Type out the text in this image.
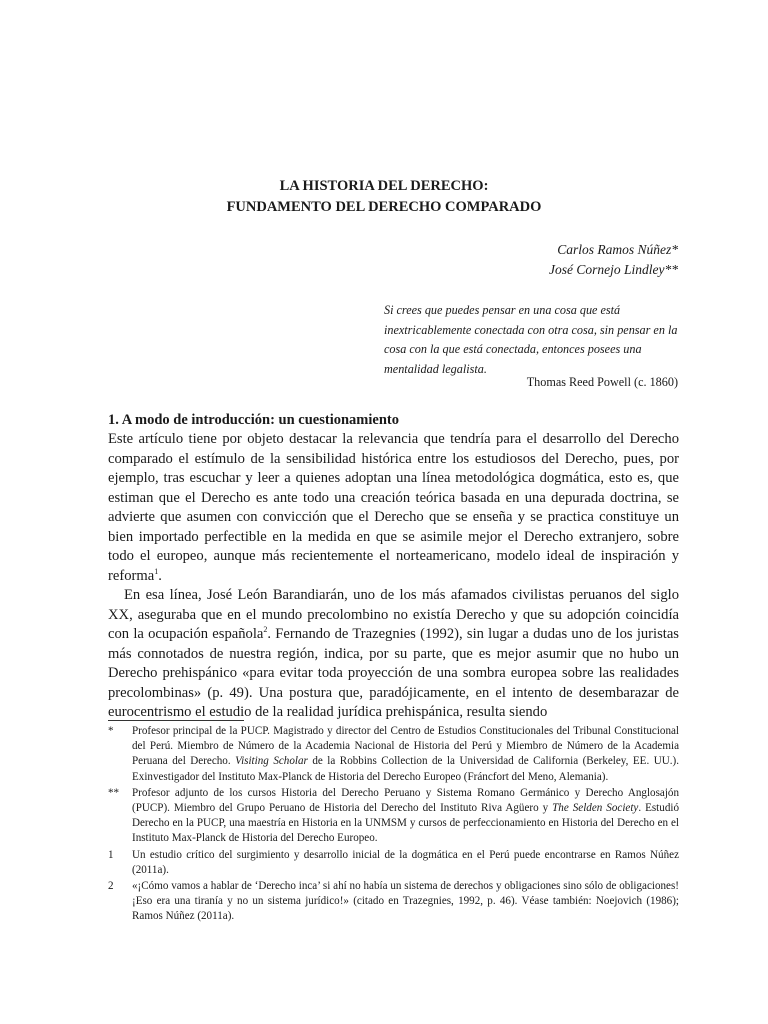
LA HISTORIA DEL DERECHO:
FUNDAMENTO DEL DERECHO COMPARADO
Carlos Ramos Núñez*
José Cornejo Lindley**
Si crees que puedes pensar en una cosa que está inextricablemente conectada con otra cosa, sin pensar en la cosa con la que está conectada, entonces posees una mentalidad legalista.
Thomas Reed Powell (c. 1860)
1. A modo de introducción: un cuestionamiento

Este artículo tiene por objeto destacar la relevancia que tendría para el desarrollo del Derecho comparado el estímulo de la sensibilidad histórica entre los estudiosos del Derecho, pues, por ejemplo, tras escuchar y leer a quienes adoptan una línea metodológica dogmática, esto es, que estiman que el Derecho es ante todo una creación teórica basada en una depurada doctrina, se advierte que asumen con convicción que el Derecho que se enseña y se practica constituye un bien importado perfectible en la medida en que se asimile mejor el Derecho extranjero, sobre todo el europeo, aunque más recientemente el norteamericano, modelo ideal de inspiración y reforma$^1$.

En esa línea, José León Barandiarán, uno de los más afamados civilistas peruanos del siglo XX, aseguraba que en el mundo precolombino no existía Derecho y que su adopción coincidía con la ocupación española$^2$. Fernando de Trazegnies (1992), sin lugar a dudas uno de los juristas más connotados de nuestra región, indica, por su parte, que es mejor asumir que no hubo un Derecho prehispánico «para evitar toda proyección de una sombra europea sobre las realidades precolombinas» (p. 49). Una postura que, paradójicamente, en el intento de desembarazar de eurocentrismo el estudio de la realidad jurídica prehispánica, resulta siendo

*	Profesor principal de la PUCP. Magistrado y director del Centro de Estudios Constitucionales del Tribunal Constitucional del Perú. Miembro de Número de la Academia Nacional de Historia del Perú y Miembro de Número de la Academia Peruana del Derecho. Visiting Scholar de la Robbins Collection de la Universidad de California (Berkeley, EE. UU.). Exinvestigador del Instituto Max-Planck de Historia del Derecho Europeo (Fráncfort del Meno, Alemania).
**	Profesor adjunto de los cursos Historia del Derecho Peruano y Sistema Romano Germánico y Derecho Anglosajón (PUCP). Miembro del Grupo Peruano de Historia del Derecho del Instituto Riva Agüero y The Selden Society. Estudió Derecho en la PUCP, una maestría en Historia en la UNMSM y cursos de perfeccionamiento en Historia del Derecho en el Instituto Max-Planck de Historia del Derecho Europeo.
1	Un estudio crítico del surgimiento y desarrollo inicial de la dogmática en el Perú puede encontrarse en Ramos Núñez (2011a).
2	«¡Cómo vamos a hablar de ‘Derecho inca’ si ahí no había un sistema de derechos y obligaciones sino sólo de obligaciones! ¡Eso era una tiranía y no un sistema jurídico!» (citado en Trazegnies, 1992, p. 46). Véase también: Noejovich (1986); Ramos Núñez (2011a).
